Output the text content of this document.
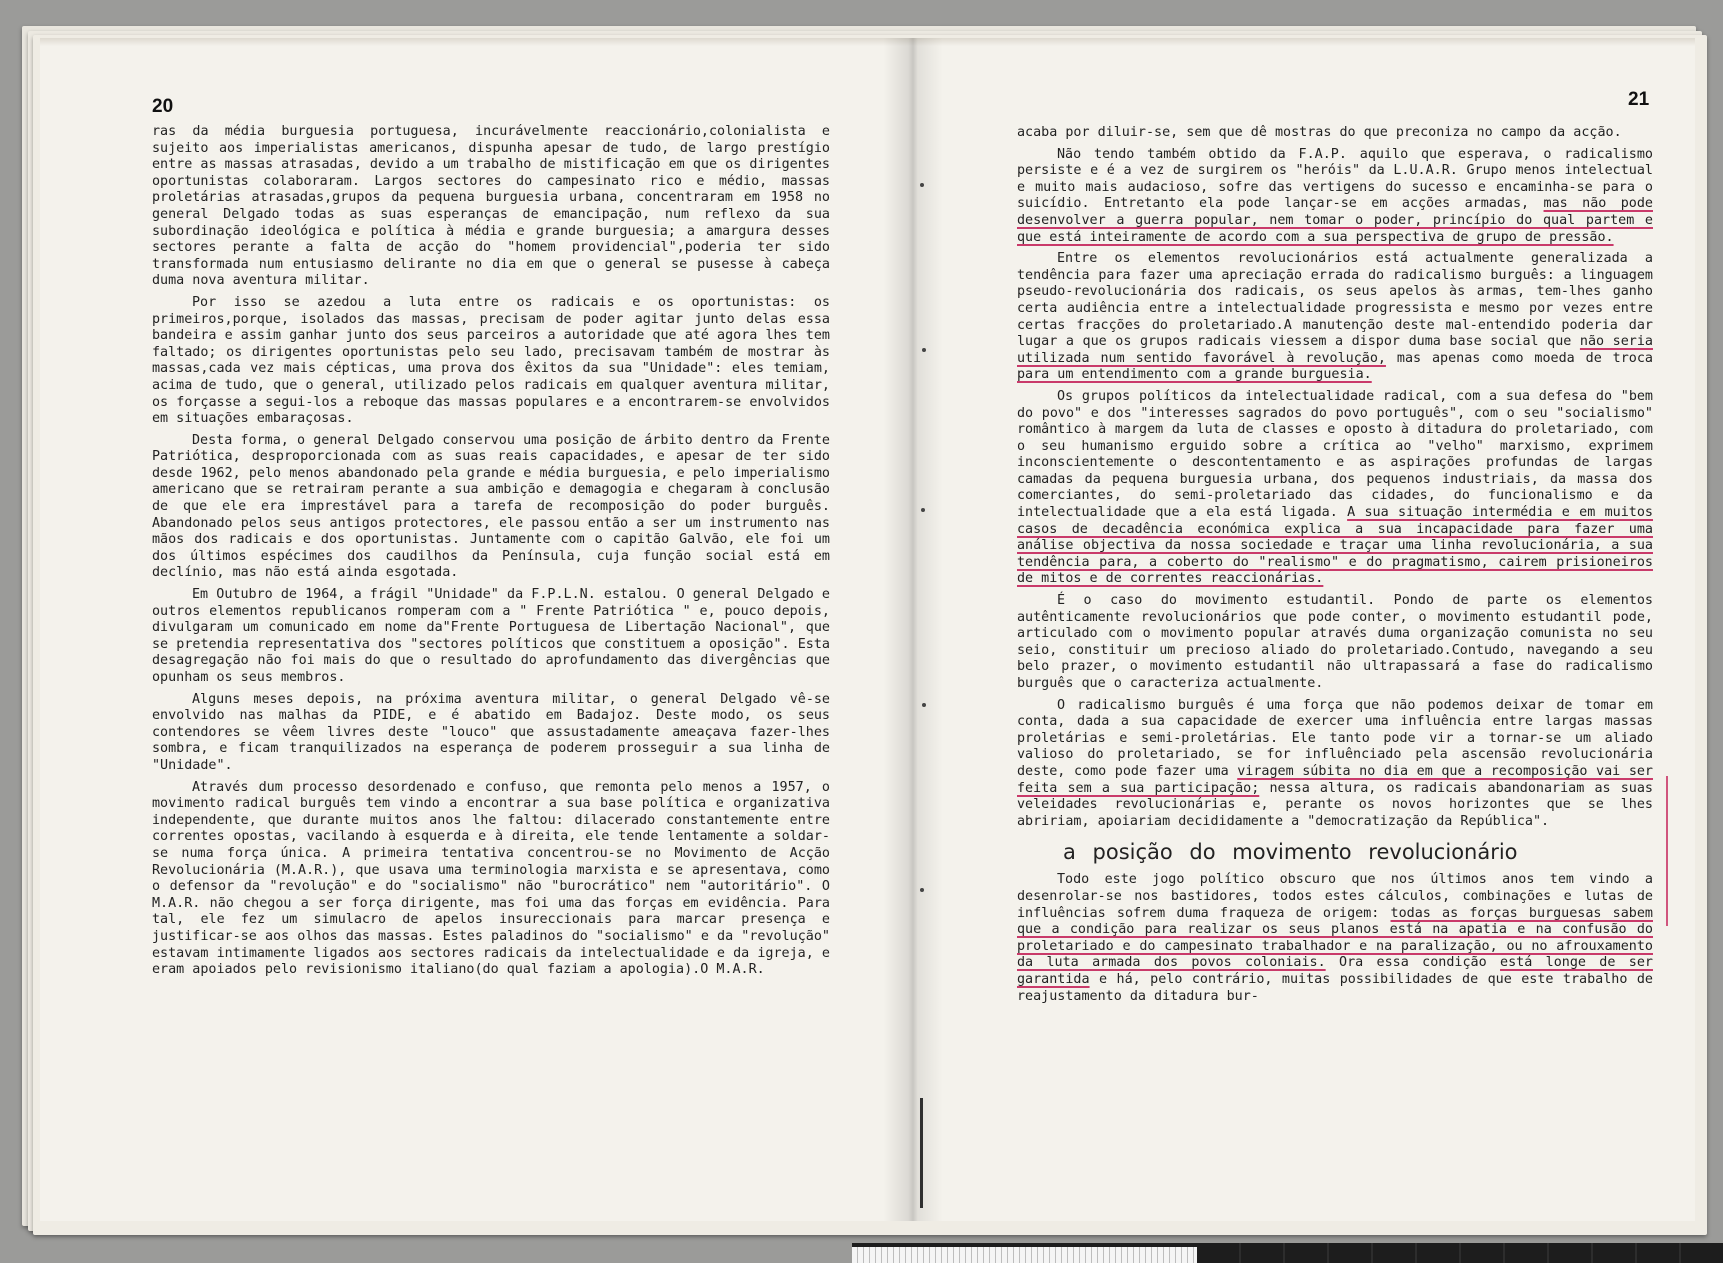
20

ras da média burguesia portuguesa, incurávelmente reaccionário,colonialista e sujeito aos imperialistas americanos, dispunha apesar de tudo, de largo prestígio entre as massas atrasadas, devido a um trabalho de mistificação em que os dirigentes oportunistas colaboraram. Largos sectores do campesinato rico e médio, massas proletárias atrasadas,grupos da pequena burguesia urbana, concentraram em 1958 no general Delgado todas as suas esperanças de emancipação, num reflexo da sua subordinação ideológica e política à média e grande burguesia; a amargura desses sectores perante a falta de acção do "homem providencial",poderia ter sido transformada num entusiasmo delirante no dia em que o general se pusesse à cabeça duma nova aventura militar.

Por isso se azedou a luta entre os radicais e os oportunistas: os primeiros,porque, isolados das massas, precisam de poder agitar junto delas essa bandeira e assim ganhar junto dos seus parceiros a autoridade que até agora lhes tem faltado; os dirigentes oportunistas pelo seu lado, precisavam também de mostrar às massas,cada vez mais cépticas, uma prova dos êxitos da sua "Unidade": eles temiam, acima de tudo, que o general, utilizado pelos radicais em qualquer aventura militar, os forçasse a segui-los a reboque das massas populares e a encontrarem-se envolvidos em situações embaraçosas.

Desta forma, o general Delgado conservou uma posição de árbito dentro da Frente Patriótica, desproporcionada com as suas reais capacidades, e apesar de ter sido desde 1962, pelo menos abandonado pela grande e média burguesia, e pelo imperialismo americano que se retrairam perante a sua ambição e demagogia e chegaram à conclusão de que ele era imprestável para a tarefa de recomposição do poder burguês. Abandonado pelos seus antigos protectores, ele passou então a ser um instrumento nas mãos dos radicais e dos oportunistas. Juntamente com o capitão Galvão, ele foi um dos últimos espécimes dos caudilhos da Península, cuja função social está em declínio, mas não está ainda esgotada.

Em Outubro de 1964, a frágil "Unidade" da F.P.L.N. estalou. O general Delgado e outros elementos republicanos romperam com a " Frente Patriótica " e, pouco depois, divulgaram um comunicado em nome da"Frente Portuguesa de Libertação Nacional", que se pretendia representativa dos "sectores políticos que constituem a oposição". Esta desagregação não foi mais do que o resultado do aprofundamento das divergências que opunham os seus membros.

Alguns meses depois, na próxima aventura militar, o general Delgado vê-se envolvido nas malhas da PIDE, e é abatido em Badajoz. Deste modo, os seus contendores se vêem livres deste "louco" que assustadamente ameaçava fazer-lhes sombra, e ficam tranquilizados na esperança de poderem prosseguir a sua linha de "Unidade".

Através dum processo desordenado e confuso, que remonta pelo menos a 1957, o movimento radical burguês tem vindo a encontrar a sua base política e organizativa independente, que durante muitos anos lhe faltou: dilacerado constantemente entre correntes opostas, vacilando à esquerda e à direita, ele tende lentamente a soldar-se numa força única. A primeira tentativa concentrou-se no Movimento de Acção Revolucionária (M.A.R.), que usava uma terminologia marxista e se apresentava, como o defensor da "revolução" e do "socialismo" não "burocrático" nem "autoritário". O M.A.R. não chegou a ser força dirigente, mas foi uma das forças em evidência. Para tal, ele fez um simulacro de apelos insureccionais para marcar presença e justificar-se aos olhos das massas. Estes paladinos do "socialismo" e da "revolução" estavam intimamente ligados aos sectores radicais da intelectualidade e da igreja, e eram apoiados pelo revisionismo italiano(do qual faziam a apologia).O M.A.R.

21

acaba por diluir-se, sem que dê mostras do que preconiza no campo da acção.

Não tendo também obtido da F.A.P. aquilo que esperava, o radicalismo persiste e é a vez de surgirem os "heróis" da L.U.A.R. Grupo menos intelectual e muito mais audacioso, sofre das vertigens do sucesso e encaminha-se para o suicídio. Entretanto ela pode lançar-se em acções armadas, mas não pode desenvolver a guerra popular, nem tomar o poder, princípio do qual partem e que está inteiramente de acordo com a sua perspectiva de grupo de pressão.

Entre os elementos revolucionários está actualmente generalizada a tendência para fazer uma apreciação errada do radicalismo burguês: a linguagem pseudo-revolucionária dos radicais, os seus apelos às armas, tem-lhes ganho certa audiência entre a intelectualidade progressista e mesmo por vezes entre certas fracções do proletariado.A manutenção deste mal-entendido poderia dar lugar a que os grupos radicais viessem a dispor duma base social que não seria utilizada num sentido favorável à revolução, mas apenas como moeda de troca para um entendimento com a grande burguesia.

Os grupos políticos da intelectualidade radical, com a sua defesa do "bem do povo" e dos "interesses sagrados do povo português", com o seu "socialismo" romântico à margem da luta de classes e oposto à ditadura do proletariado, com o seu humanismo erguido sobre a crítica ao "velho" marxismo, exprimem inconscientemente o descontentamento e as aspirações profundas de largas camadas da pequena burguesia urbana, dos pequenos industriais, da massa dos comerciantes, do semi-proletariado das cidades, do funcionalismo e da intelectualidade que a ela está ligada. A sua situação intermédia e em muitos casos de decadência económica explica a sua incapacidade para fazer uma análise objectiva da nossa sociedade e traçar uma linha revolucionária, a sua tendência para, a coberto do "realismo" e do pragmatismo, cairem prisioneiros de mitos e de correntes reaccionárias.

É o caso do movimento estudantil. Pondo de parte os elementos autênticamente revolucionários que pode conter, o movimento estudantil pode, articulado com o movimento popular através duma organização comunista no seu seio, constituir um precioso aliado do proletariado.Contudo, navegando a seu belo prazer, o movimento estudantil não ultrapassará a fase do radicalismo burguês que o caracteriza actualmente.

O radicalismo burguês é uma força que não podemos deixar de tomar em conta, dada a sua capacidade de exercer uma influência entre largas massas proletárias e semi-proletárias. Ele tanto pode vir a tornar-se um aliado valioso do proletariado, se for influênciado pela ascensão revolucionária deste, como pode fazer uma viragem súbita no dia em que a recomposição vai ser feita sem a sua participação; nessa altura, os radicais abandonariam as suas veleidades revolucionárias e, perante os novos horizontes que se lhes abririam, apoiariam decididamente a "democratização da República".

a posição do movimento revolucionário

Todo este jogo político obscuro que nos últimos anos tem vindo a desenrolar-se nos bastidores, todos estes cálculos, combinações e lutas de influências sofrem duma fraqueza de origem: todas as forças burguesas sabem que a condição para realizar os seus planos está na apatia e na confusão do proletariado e do campesinato trabalhador e na paralização, ou no afrouxamento da luta armada dos povos coloniais. Ora essa condição está longe de ser garantida e há, pelo contrário, muitas possibilidades de que este trabalho de reajustamento da ditadura bur-
